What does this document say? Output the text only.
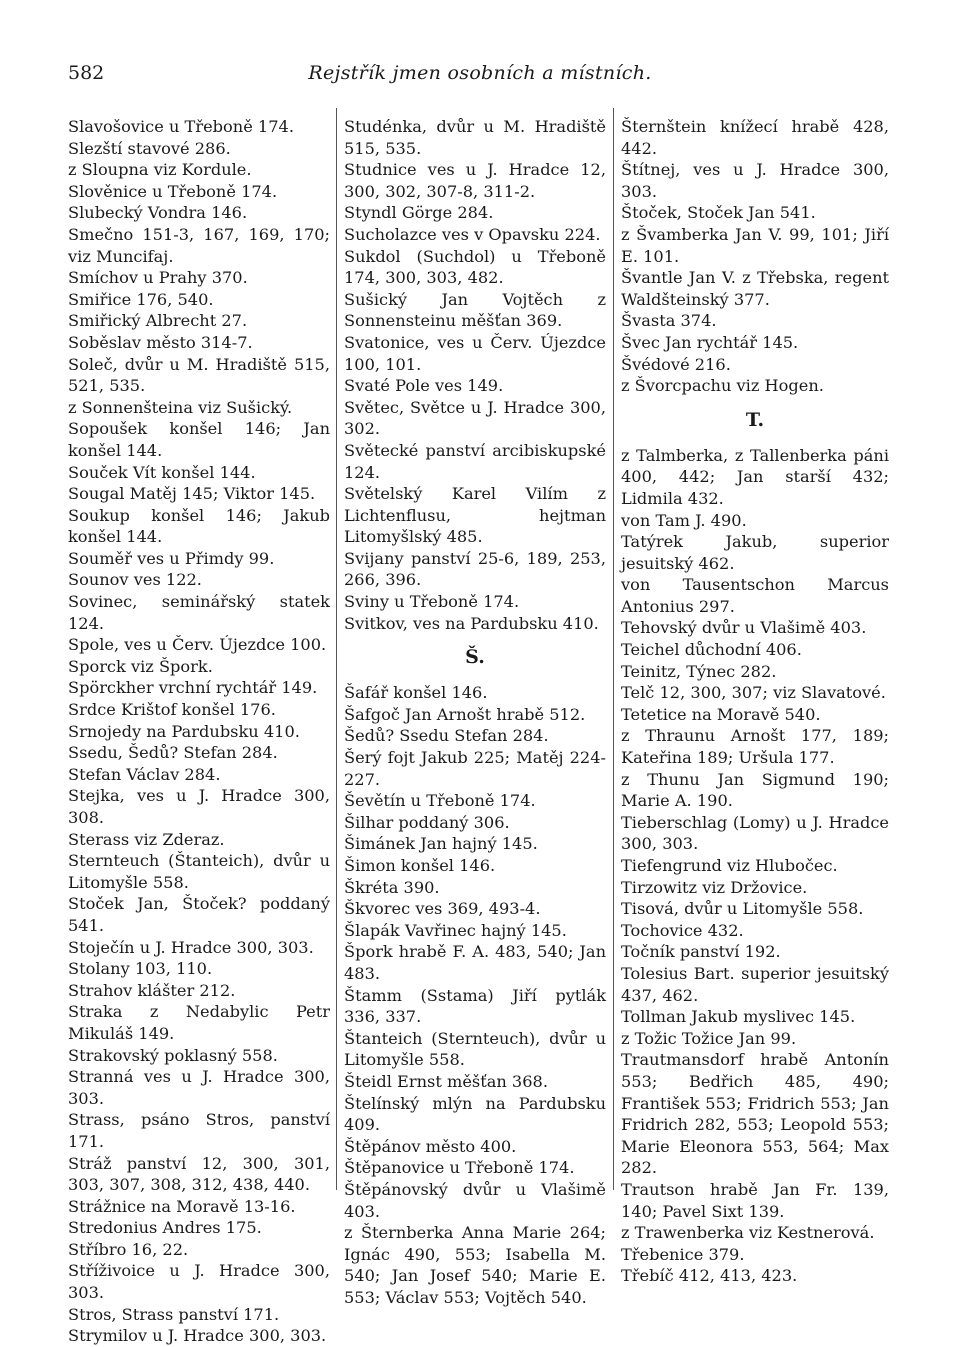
582	Rejstřík jmen osobních a místních.

Slavošovice u Třeboně 174.

Slezští stavové 286.

z Sloupna viz Kordule.

Slověnice u Třeboně 174.

Slubecký Vondra 146.

Smečno 151-3, 167, 169, 170; viz Muncifaj.

Smíchov u Prahy 370.

Smiřice 176, 540.

Smiřický Albrecht 27.

Soběslav město 314-7.

Soleč, dvůr u M. Hradiště 515, 521, 535.

z Sonnenšteina viz Sušický.

Sopoušek konšel 146; Jan konšel 144.

Souček Vít konšel 144.

Sougal Matěj 145; Viktor 145.

Soukup konšel 146; Jakub konšel 144.

Souměř ves u Přimdy 99.

Sounov ves 122.

Sovinec, seminářský statek 124.

Spole, ves u Červ. Újezdce 100.

Sporck viz Špork.

Spörckher vrchní rychtář 149.

Srdce Krištof konšel 176.

Srnojedy na Pardubsku 410.

Ssedu, Šedů? Stefan 284.

Stefan Václav 284.

Stejka, ves u J. Hradce 300, 308.

Sterass viz Zderaz.

Sternteuch (Štanteich), dvůr u Litomyšle 558.

Stoček Jan, Štoček? poddaný 541.

Stoječín u J. Hradce 300, 303.

Stolany 103, 110.

Strahov klášter 212.

Straka z Nedabylic Petr Mikuláš 149.

Strakovský poklasný 558.

Stranná ves u J. Hradce 300, 303.

Strass, psáno Stros, panství 171.

Stráž panství 12, 300, 301, 303, 307, 308, 312, 438, 440.

Strážnice na Moravě 13-16.

Stredonius Andres 175.

Stříbro 16, 22.

Stříživoice u J. Hradce 300, 303.

Stros, Strass panství 171.

Strymilov u J. Hradce 300, 303.

Studénka, dvůr u M. Hradiště 515, 535.

Studnice ves u J. Hradce 12, 300, 302, 307-8, 311-2.

Styndl Görge 284.

Sucholazce ves v Opavsku 224.

Sukdol (Suchdol) u Třeboně 174, 300, 303, 482.

Sušický Jan Vojtěch z Sonnensteinu měšťan 369.

Svatonice, ves u Červ. Újezdce 100, 101.

Svaté Pole ves 149.

Světec, Světce u J. Hradce 300, 302.

Světecké panství arcibiskupské 124.

Světelský Karel Vilím z Lichtenflusu, hejtman Litomyšlský 485.

Svijany panství 25-6, 189, 253, 266, 396.

Sviny u Třeboně 174.

Svitkov, ves na Pardubsku 410.

Š.

Šafář konšel 146.

Šafgoč Jan Arnošt hrabě 512.

Šedů? Ssedu Stefan 284.

Šerý fojt Jakub 225; Matěj 224-227.

Ševětín u Třeboně 174.

Šilhar poddaný 306.

Šimánek Jan hajný 145.

Šimon konšel 146.

Škréta 390.

Škvorec ves 369, 493-4.

Šlapák Vavřinec hajný 145.

Špork hrabě F. A. 483, 540; Jan 483.

Štamm (Sstama) Jiří pytlák 336, 337.

Štanteich (Sternteuch), dvůr u Litomyšle 558.

Šteidl Ernst měšťan 368.

Štelínský mlýn na Pardubsku 409.

Štěpánov město 400.

Štěpanovice u Třeboně 174.

Štěpánovský dvůr u Vlašimě 403.

z Šternberka Anna Marie 264; Ignác 490, 553; Isabella M. 540; Jan Josef 540; Marie E. 553; Václav 553; Vojtěch 540.

Šternštein knížecí hrabě 428, 442.

Štítnej, ves u J. Hradce 300, 303.

Štoček, Stoček Jan 541.

z Švamberka Jan V. 99, 101; Jiří E. 101.

Švantle Jan V. z Třebska, regent Waldšteinský 377.

Švasta 374.

Švec Jan rychtář 145.

Švédové 216.

z Švorcpachu viz Hogen.

T.

z Talmberka, z Tallenberka páni 400, 442; Jan starší 432; Lidmila 432.

von Tam J. 490.

Tatýrek Jakub, superior jesuitský 462.

von Tausentschon Marcus Antonius 297.

Tehovský dvůr u Vlašimě 403.

Teichel důchodní 406.

Teinitz, Týnec 282.

Telč 12, 300, 307; viz Slavatové.

Tetetice na Moravě 540.

z Thraunu Arnošt 177, 189; Kateřina 189; Uršula 177.

z Thunu Jan Sigmund 190; Marie A. 190.

Tieberschlag (Lomy) u J. Hradce 300, 303.

Tiefengrund viz Hlubočec.

Tirzowitz viz Držovice.

Tisová, dvůr u Litomyšle 558.

Tochovice 432.

Točník panství 192.

Tolesius Bart. superior jesuitský 437, 462.

Tollman Jakub myslivec 145.

z Tožic Tožice Jan 99.

Trautmansdorf hrabě Antonín 553; Bedřich 485, 490; František 553; Fridrich 553; Jan Fridrich 282, 553; Leopold 553; Marie Eleonora 553, 564; Max 282.

Trautson hrabě Jan Fr. 139, 140; Pavel Sixt 139.

z Trawenberka viz Kestnerová.

Třebenice 379.

Třebíč 412, 413, 423.
